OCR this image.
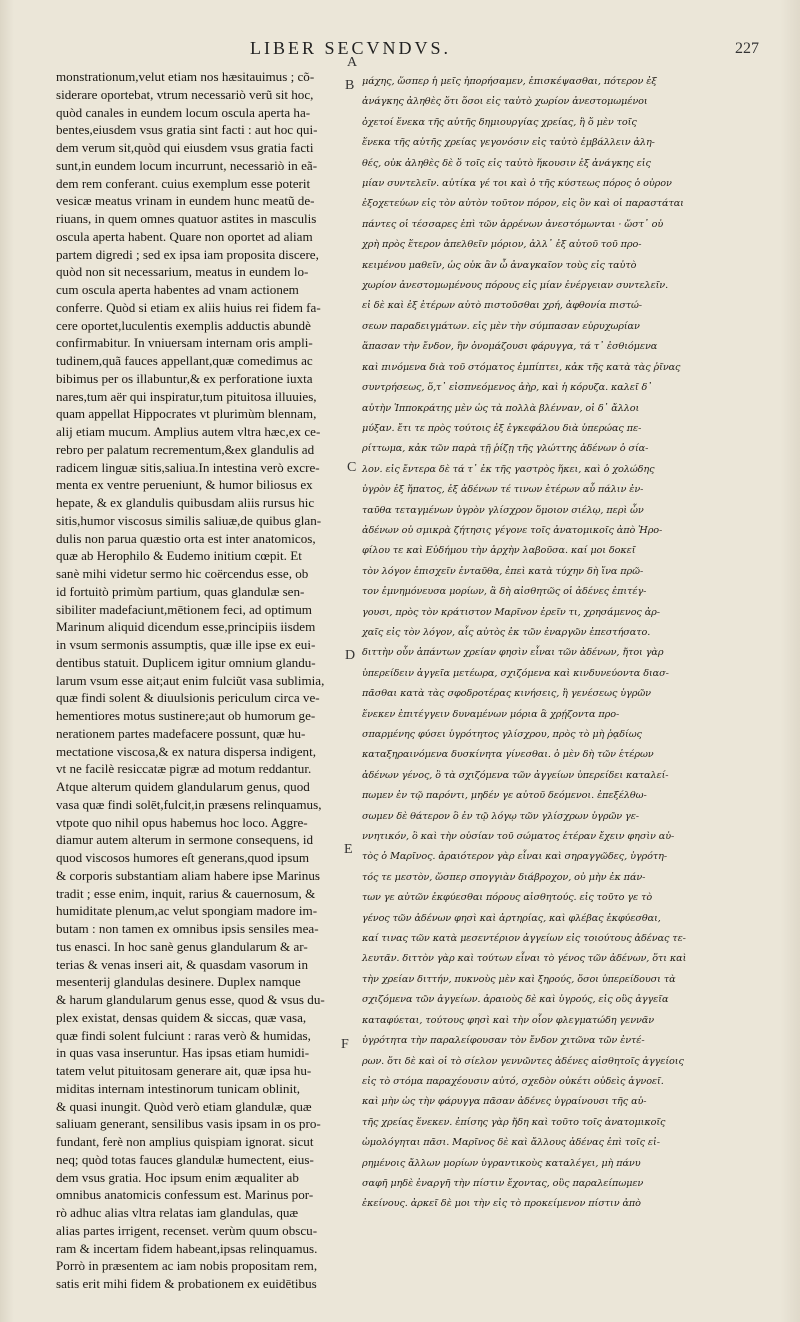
LIBER SECVNDVS.	227
A
B
C
D
E
F
monstrationum,velut etiam nos hæsitauimus ; cõ-
siderare oportebat, vtrum necessariò verũ sit hoc,
quòd canales in eundem locum oscula aperta ha-
bentes,eiusdem vsus gratia sint facti : aut hoc qui-
dem verum sit,quòd qui eiusdem vsus gratia facti
sunt,in eundem locum incurrunt, necessariò in eã-
dem rem conferant. cuius exemplum esse poterit
vesicæ meatus vrinam in eundem hunc meatũ de-
riuans, in quem omnes quatuor astites in masculis
oscula aperta habent. Quare non oportet ad aliam
partem digredi ; sed ex ipsa iam proposita discere,
quòd non sit necessarium, meatus in eundem lo-
cum oscula aperta habentes ad vnam actionem
conferre. Quòd si etiam ex aliis huius rei fidem fa-
cere oportet,luculentis exemplis adductis abundè
confirmabitur. In vniuersam internam oris ampli-
tudinem,quã fauces appellant,quæ comedimus ac
bibimus per os illabuntur,& ex perforatione iuxta
nares,tum aër qui inspiratur,tum pituitosa illuuies,
quam appellat Hippocrates vt plurimùm blennam,
alij etiam mucum. Amplius autem vltra hæc,ex ce-
rebro per palatum recrementum,&ex glandulis ad
radicem linguæ sitis,saliua.In intestina verò excre-
menta ex ventre perueniunt, & humor biliosus ex
hepate, & ex glandulis quibusdam aliis rursus hic
sitis,humor viscosus similis saliuæ,de quibus glan-
dulis non parua quæstio orta est inter anatomicos,
quæ ab Herophilo & Eudemo initium cœpit. Et
sanè mihi videtur sermo hic coërcendus esse, ob
id fortuitò primùm partium, quas glandulæ sen-
sibiliter madefaciunt,mētionem feci, ad optimum
Marinum aliquid dicendum esse,principiis iisdem
in vsum sermonis assumptis, quæ ille ipse ex eui-
dentibus statuit. Duplicem igitur omnium glandu-
larum vsum esse ait;aut enim fulciũt vasa sublimia,
quæ findi solent & diuulsionis periculum circa ve-
hementiores motus sustinere;aut ob humorum ge-
nerationem partes madefacere possunt, quæ hu-
mectatione viscosa,& ex natura dispersa indigent,
vt ne facilè resiccatæ pigræ ad motum reddantur.
Atque alterum quidem glandularum genus, quod
vasa quæ findi solēt,fulcit,in præsens relinquamus,
vtpote quo nihil opus habemus hoc loco. Aggre-
diamur autem alterum in sermone consequens, id
quod viscosos humores eſt generans,quod ipsum
& corporis substantiam aliam habere ipse Marinus
tradit ; esse enim, inquit, rarius & cauernosum, &
humiditate plenum,ac velut spongiam madore im-
butam : non tamen ex omnibus ipsis sensiles mea-
tus enasci. In hoc sanè genus glandularum & ar-
terias & venas inseri ait, & quasdam vasorum in
mesenterij glandulas desinere. Duplex namque
& harum glandularum genus esse, quod & vsus du-
plex existat, densas quidem & siccas, quæ vasa,
quæ findi solent fulciunt : raras verò & humidas,
in quas vasa inseruntur. Has ipsas etiam humidi-
tatem velut pituitosam generare ait, quæ ipsa hu-
miditas internam intestinorum tunicam oblinit,
& quasi inungit. Quòd verò etiam glandulæ, quæ
saliuam generant, sensilibus vasis ipsam in os pro-
fundant, ferè non amplius quispiam ignorat. sicut
neq; quòd totas fauces glandulæ humectent, eius-
dem vsus gratia. Hoc ipsum enim æqualiter ab
omnibus anatomicis confessum est. Marinus por-
rò adhuc alias vltra relatas iam glandulas, quæ
alias partes irrigent, recenset. verùm quum obscu-
ram & incertam fidem habeant,ipsas relinquamus.
Porrò in præsentem ac iam nobis propositam rem,
satis erit mihi fidem & probationem ex euidētibus
μάχης, ὥσπερ ἡ μεῖς ἠπορήσαμεν, ἐπισκέψασθαι, πότερον ἐξ
ἀνάγκης ἀληθὲς ὅτι ὅσοι εἰς ταὐτὸ χωρίον ἀνεστομωμένοι
ὀχετοί ἕνεκα τῆς αὐτῆς δημιουργίας χρείας, ἢ ὅ μὲν τοῖς
ἕνεκα τῆς αὐτῆς χρείας γεγονόσιν εἰς ταὐτὸ ἐμβάλλειν ἀλη-
θές, οὐκ ἀληθὲς δὲ ὅ τοῖς εἰς ταὐτὸ ἥκουσιν ἐξ ἀνάγκης εἰς
μίαν συντελεῖν. αὐτίκα γέ τοι καὶ ὁ τῆς κύστεως πόρος ὁ οὐρον
ἐξοχετεύων εἰς τὸν αὐτὸν τοῦτον πόρον, εἰς ὃν καὶ οἱ παραστάται
πάντες οἱ τέσσαρες ἐπὶ τῶν ἀρρένων ἀνεστόμωνται · ὥστ᾽ οὐ
χρὴ πρὸς ἕτερον ἀπελθεῖν μόριον, ἀλλ᾽ ἐξ αὐτοῦ τοῦ προ-
κειμένου μαθεῖν, ὡς οὐκ ἂν ὦ ἀναγκαῖον τοὺς εἰς ταὐτὸ
χωρίον ἀνεστομωμένους πόρους εἰς μίαν ἐνέργειαν συντελεῖν.
εἰ δὲ καὶ ἐξ ἑτέρων αὐτὸ πιστοῦσθαι χρή, ἀφθονία πιστώ-
σεων παραδειγμάτων. εἰς μὲν τὴν σύμπασαν εὐρυχωρίαν
ἅπασαν τὴν ἔνδον, ἣν ὀνομάζουσι φάρυγγα, τά τ᾽ ἐσθιόμενα
καὶ πινόμενα διὰ τοῦ στόματος ἐμπίπτει, κἀκ τῆς κατὰ τὰς ῥῖνας
συντρήσεως, ὅ,τ᾽ εἰσπνεόμενος ἀὴρ, καὶ ἡ κόρυζα. καλεῖ δ᾽
αὐτὴν Ἱπποκράτης μὲν ὡς τὰ πολλὰ βλένναν, οἱ δ᾽ ἄλλοι
μύξαν. ἔτι τε πρὸς τούτοις ἐξ ἐγκεφάλου διὰ ὑπερώας πε-
ρίττωμα, κἀκ τῶν παρὰ τῇ ῥίζῃ τῆς γλώττης ἀδένων ὁ σία-
λον. εἰς ἔντερα δὲ τά τ᾽ ἐκ τῆς γαστρὸς ἥκει, καὶ ὁ χολώδης
ὑγρὸν ἐξ ἥπατος, ἐξ ἀδένων τέ τινων ἑτέρων αὖ πάλιν ἐν-
ταῦθα τεταγμένων ὑγρὸν γλίσχρον ὅμοιον σιέλῳ, περὶ ὧν
ἀδένων οὐ σμικρὰ ζήτησις γέγονε τοῖς ἀνατομικοῖς ἀπὸ Ἡρο-
φίλου τε καὶ Εὐδήμου τὴν ἀρχὴν λαβοῦσα. καί μοι δοκεῖ
τὸν λόγον ἐπισχεῖν ἐνταῦθα, ἐπεὶ κατὰ τύχην δὴ ἵνα πρῶ-
τον ἐμνημόνευσα μορίων, ἃ δὴ αἰσθητῶς οἱ ἀδένες ἐπιτέγ-
γουσι, πρὸς τὸν κράτιστον Μαρῖνον ἐρεῖν τι, χρησάμενος ἀρ-
χαῖς εἰς τὸν λόγον, αἷς αὐτὸς ἐκ τῶν ἐναργῶν ἐπεστήσατο.
διττὴν οὖν ἁπάντων χρείαν φησὶν εἶναι τῶν ἀδένων, ἤτοι γὰρ
ὑπερείδειν ἀγγεῖα μετέωρα, σχιζόμενα καὶ κινδυνεύοντα διασ-
πᾶσθαι κατὰ τὰς σφοδροτέρας κινήσεις, ἢ γενέσεως ὑγρῶν
ἕνεκεν ἐπιτέγγειν δυναμένων μόρια ἃ χρῄζοντα προ-
σπαρμένης φύσει ὑγρότητος γλίσχρου, πρὸς τὸ μὴ ῥᾳδίως
καταξηραινόμενα δυσκίνητα γίνεσθαι. ὁ μὲν δὴ τῶν ἑτέρων
ἀδένων γένος, ὃ τὰ σχιζόμενα τῶν ἀγγείων ὑπερείδει καταλεί-
πωμεν ἐν τῷ παρόντι, μηδέν γε αὐτοῦ δεόμενοι. ἐπεξέλθω-
σωμεν δὲ θάτερον ὃ ἐν τῷ λόγῳ τῶν γλίσχρων ὑγρῶν γε-
ννητικόν, ὃ καὶ τὴν οὐσίαν τοῦ σώματος ἑτέραν ἔχειν φησὶν αὐ-
τὸς ὁ Μαρῖνος. ἀραιότερον γὰρ εἶναι καὶ σηραγγῶδες, ὑγρότη-
τός τε μεστὸν, ὥσπερ σπογγιὰν διάβροχον, οὐ μὴν ἐκ πάν-
των γε αὐτῶν ἐκφύεσθαι πόρους αἰσθητούς. εἰς τοῦτο γε τὸ
γένος τῶν ἀδένων φησὶ καὶ ἀρτηρίας, καὶ φλέβας ἐκφύεσθαι,
καί τινας τῶν κατὰ μεσεντέριον ἀγγείων εἰς τοιούτους ἀδένας τε-
λευτᾶν. διττὸν γὰρ καὶ τούτων εἶναι τὸ γένος τῶν ἀδένων, ὅτι καὶ
τὴν χρείαν διττήν, πυκνοὺς μὲν καὶ ξηρούς, ὅσοι ὑπερείδουσι τὰ
σχιζόμενα τῶν ἀγγείων. ἀραιοὺς δὲ καὶ ὑγρούς, εἰς οὓς ἀγγεῖα
καταφύεται, τούτους φησὶ καὶ τὴν οἷον φλεγματώδη γεννᾶν
ὑγρότητα τὴν παραλείφουσαν τὸν ἔνδον χιτῶνα τῶν ἐντέ-
ρων. ὅτι δὲ καὶ οἱ τὸ σίελον γεννῶντες ἀδένες αἰσθητοῖς ἀγγείοις
εἰς τὸ στόμα παραχέουσιν αὐτό, σχεδὸν οὐκέτι οὐδεὶς ἀγνοεῖ.
καὶ μὴν ὡς τὴν φάρυγγα πᾶσαν ἀδένες ὑγραίνουσι τῆς αὐ-
τῆς χρείας ἕνεκεν. ἐπίσης γὰρ ἤδη καὶ τοῦτο τοῖς ἀνατομικοῖς
ὡμολόγηται πᾶσι. Μαρῖνος δὲ καὶ ἄλλους ἀδένας ἐπὶ τοῖς εἰ-
ρημένοις ἄλλων μορίων ὑγραντικοὺς καταλέγει, μὴ πάνυ
σαφῆ μηδὲ ἐναργῆ τὴν πίστιν ἔχοντας, οὓς παραλείπωμεν
ἐκείνους. ἀρκεῖ δὲ μοι τὴν εἰς τὸ προκείμενον πίστιν ἀπὸ
